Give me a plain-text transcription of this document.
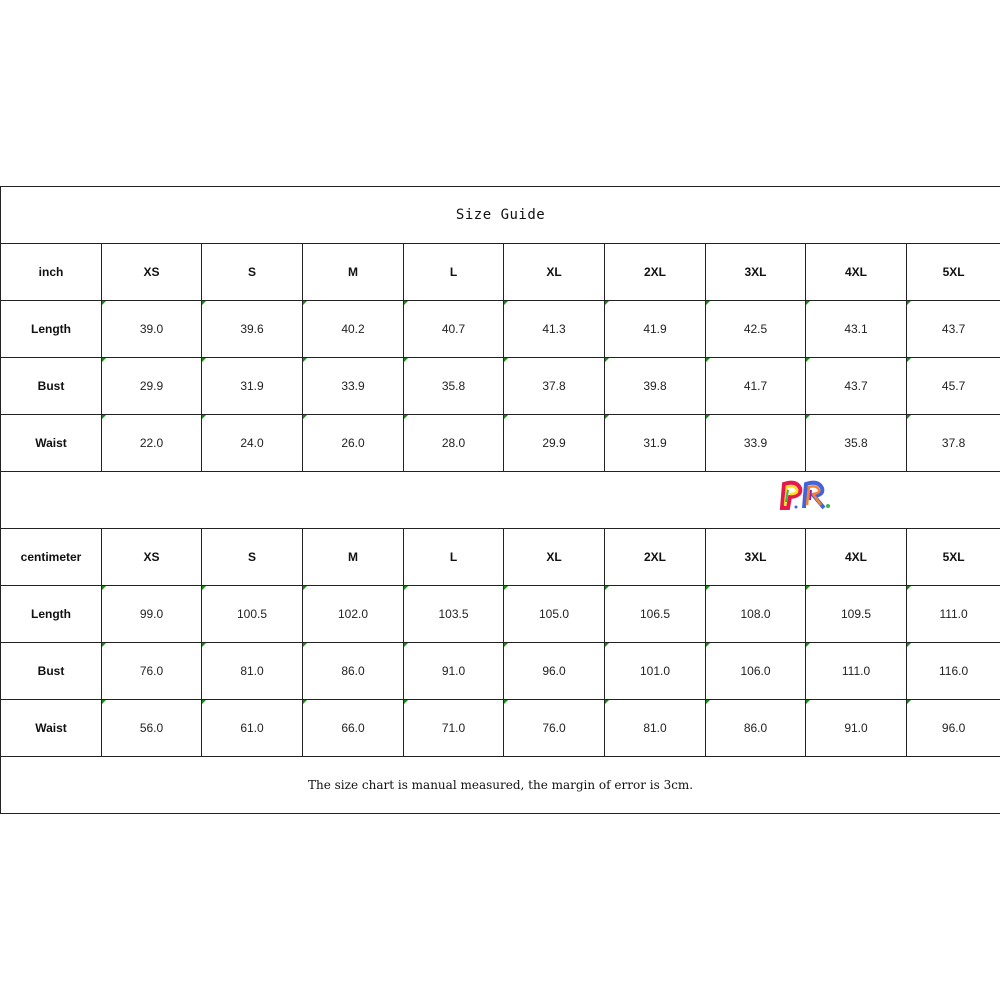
Size Guide									
inch	XS	S	M	L	XL	2XL	3XL	4XL	5XL
Length	39.0	39.6	40.2	40.7	41.3	41.9	42.5	43.1	43.7
Bust	29.9	31.9	33.9	35.8	37.8	39.8	41.7	43.7	45.7
Waist	22.0	24.0	26.0	28.0	29.9	31.9	33.9	35.8	37.8

centimeter	XS	S	M	L	XL	2XL	3XL	4XL	5XL
Length	99.0	100.5	102.0	103.5	105.0	106.5	108.0	109.5	111.0
Bust	76.0	81.0	86.0	91.0	96.0	101.0	106.0	111.0	116.0
Waist	56.0	61.0	66.0	71.0	76.0	81.0	86.0	91.0	96.0
The size chart is manual measured, the margin of error is 3cm.									
